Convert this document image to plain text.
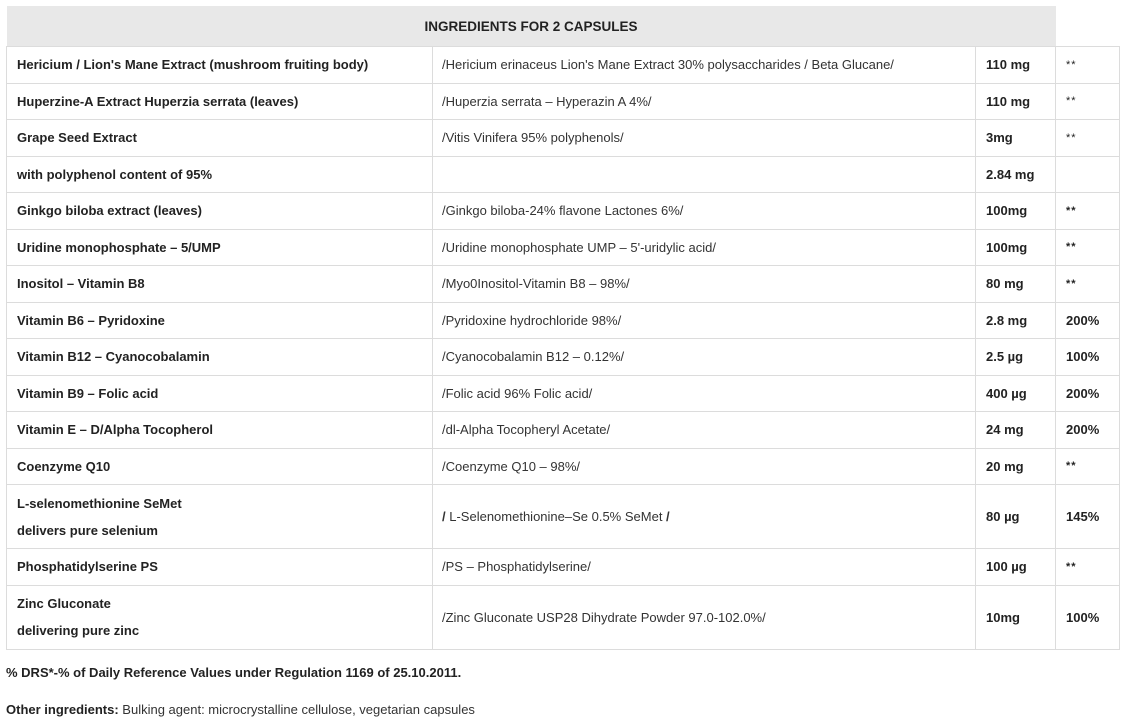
INGREDIENTS FOR 2 CAPSULES			

Hericium / Lion's Mane Extract (mushroom fruiting body)	/Hericium erinaceus Lion's Mane Extract 30% polysaccharides / Beta Glucane/	110 mg	**

Huperzine-A Extract Huperzia serrata (leaves)	/Huperzia serrata – Hyperazin A 4%/	110 mg	**

Grape Seed Extract	/Vitis Vinifera 95% polyphenols/	3mg	**

with polyphenol content of 95%		2.84 mg	

Ginkgo biloba extract (leaves)	/Ginkgo biloba-24% flavone Lactones 6%/	100mg	**

Uridine monophosphate – 5/UMP	/Uridine monophosphate UMP – 5'-uridylic acid/	100mg	**

Inositol – Vitamin B8	/Myo0Inositol-Vitamin B8 – 98%/	80 mg	**

Vitamin B6 – Pyridoxine	/Pyridoxine hydrochloride 98%/	2.8 mg	200%

Vitamin B12 – Cyanocobalamin	/Cyanocobalamin B12 – 0.12%/	2.5 µg	100%

Vitamin B9 – Folic acid	/Folic acid 96% Folic acid/	400 µg	200%

Vitamin E – D/Alpha Tocopherol	/dl-Alpha Tocopheryl Acetate/	24 mg	200%

Coenzyme Q10	/Coenzyme Q10 – 98%/	20 mg	**

L-selenomethionine SeMet
delivers pure selenium	/ L-Selenomethionine–Se 0.5% SeMet /	80 µg	145%

Phosphatidylserine PS	/PS – Phosphatidylserine/	100 µg	**

Zinc Gluconate
delivering pure zinc	/Zinc Gluconate USP28 Dihydrate Powder 97.0-102.0%/	10mg	100%
% DRS*-% of Daily Reference Values under Regulation 1169 of 25.10.2011.
Other ingredients: Bulking agent: microcrystalline cellulose, vegetarian capsules
